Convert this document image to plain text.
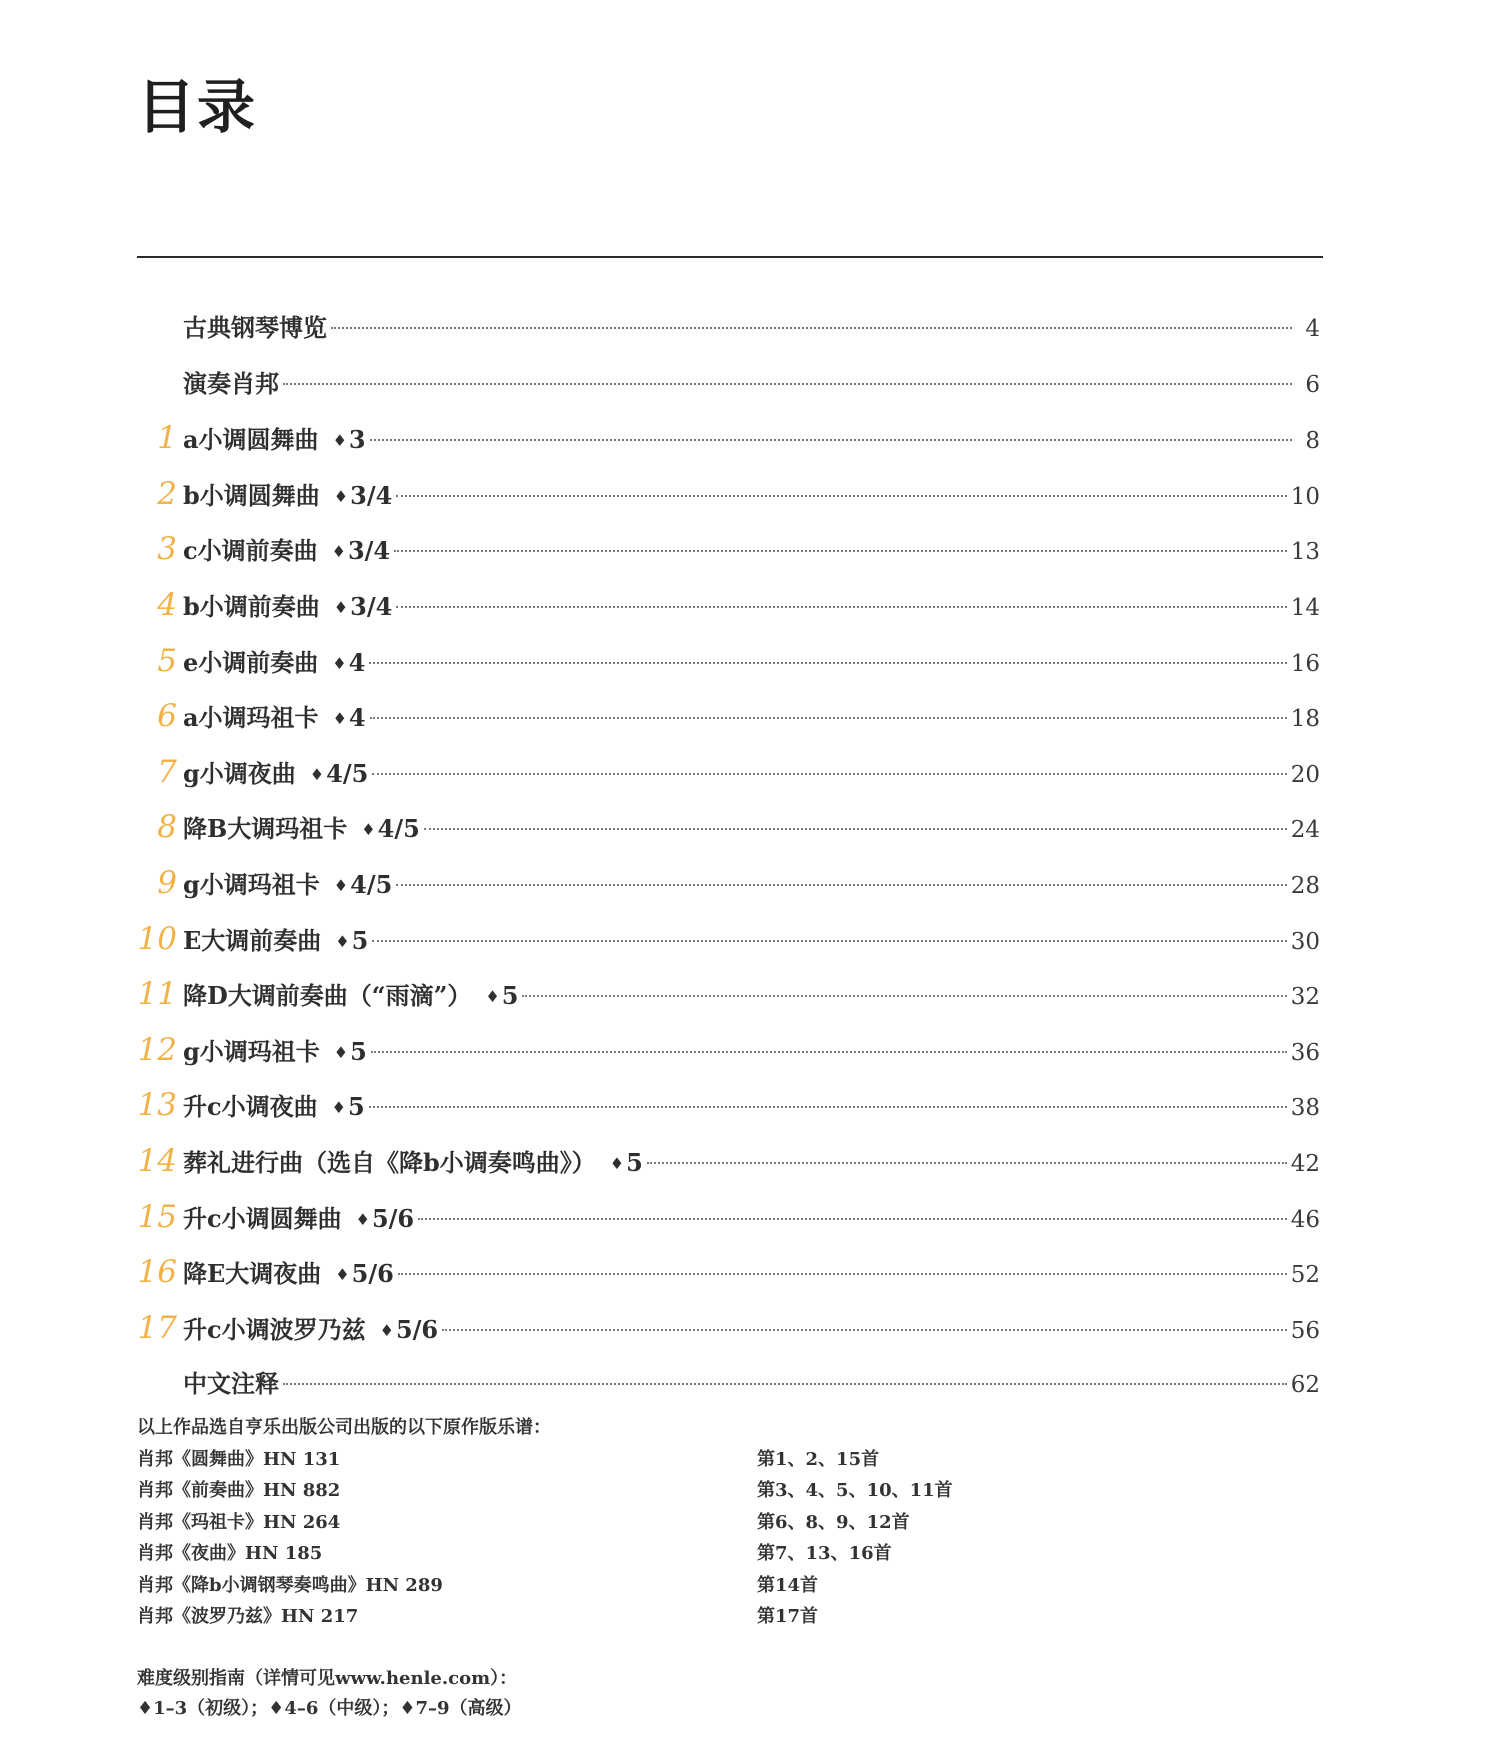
目录
古典钢琴博览	4
演奏肖邦	6
1 a小调圆舞曲 ♦3	8
2 b小调圆舞曲 ♦3/4	10
3 c小调前奏曲 ♦3/4	13
4 b小调前奏曲 ♦3/4	14
5 e小调前奏曲 ♦4	16
6 a小调玛祖卡 ♦4	18
7 g小调夜曲 ♦4/5	20
8 降B大调玛祖卡 ♦4/5	24
9 g小调玛祖卡 ♦4/5	28
10 E大调前奏曲 ♦5	30
11 降D大调前奏曲（“雨滴”） ♦5	32
12 g小调玛祖卡 ♦5	36
13 升c小调夜曲 ♦5	38
14 葬礼进行曲（选自《降b小调奏鸣曲》） ♦5	42
15 升c小调圆舞曲 ♦5/6	46
16 降E大调夜曲 ♦5/6	52
17 升c小调波罗乃兹 ♦5/6	56
中文注释	62
以上作品选自亨乐出版公司出版的以下原作版乐谱：
肖邦《圆舞曲》HN 131	第1、2、15首
肖邦《前奏曲》HN 882	第3、4、5、10、11首
肖邦《玛祖卡》HN 264	第6、8、9、12首
肖邦《夜曲》HN 185	第7、13、16首
肖邦《降b小调钢琴奏鸣曲》HN 289	第14首
肖邦《波罗乃兹》HN 217	第17首
难度级别指南（详情可见www.henle.com）：
♦1–3（初级）；♦4–6（中级）；♦7–9（高级）
